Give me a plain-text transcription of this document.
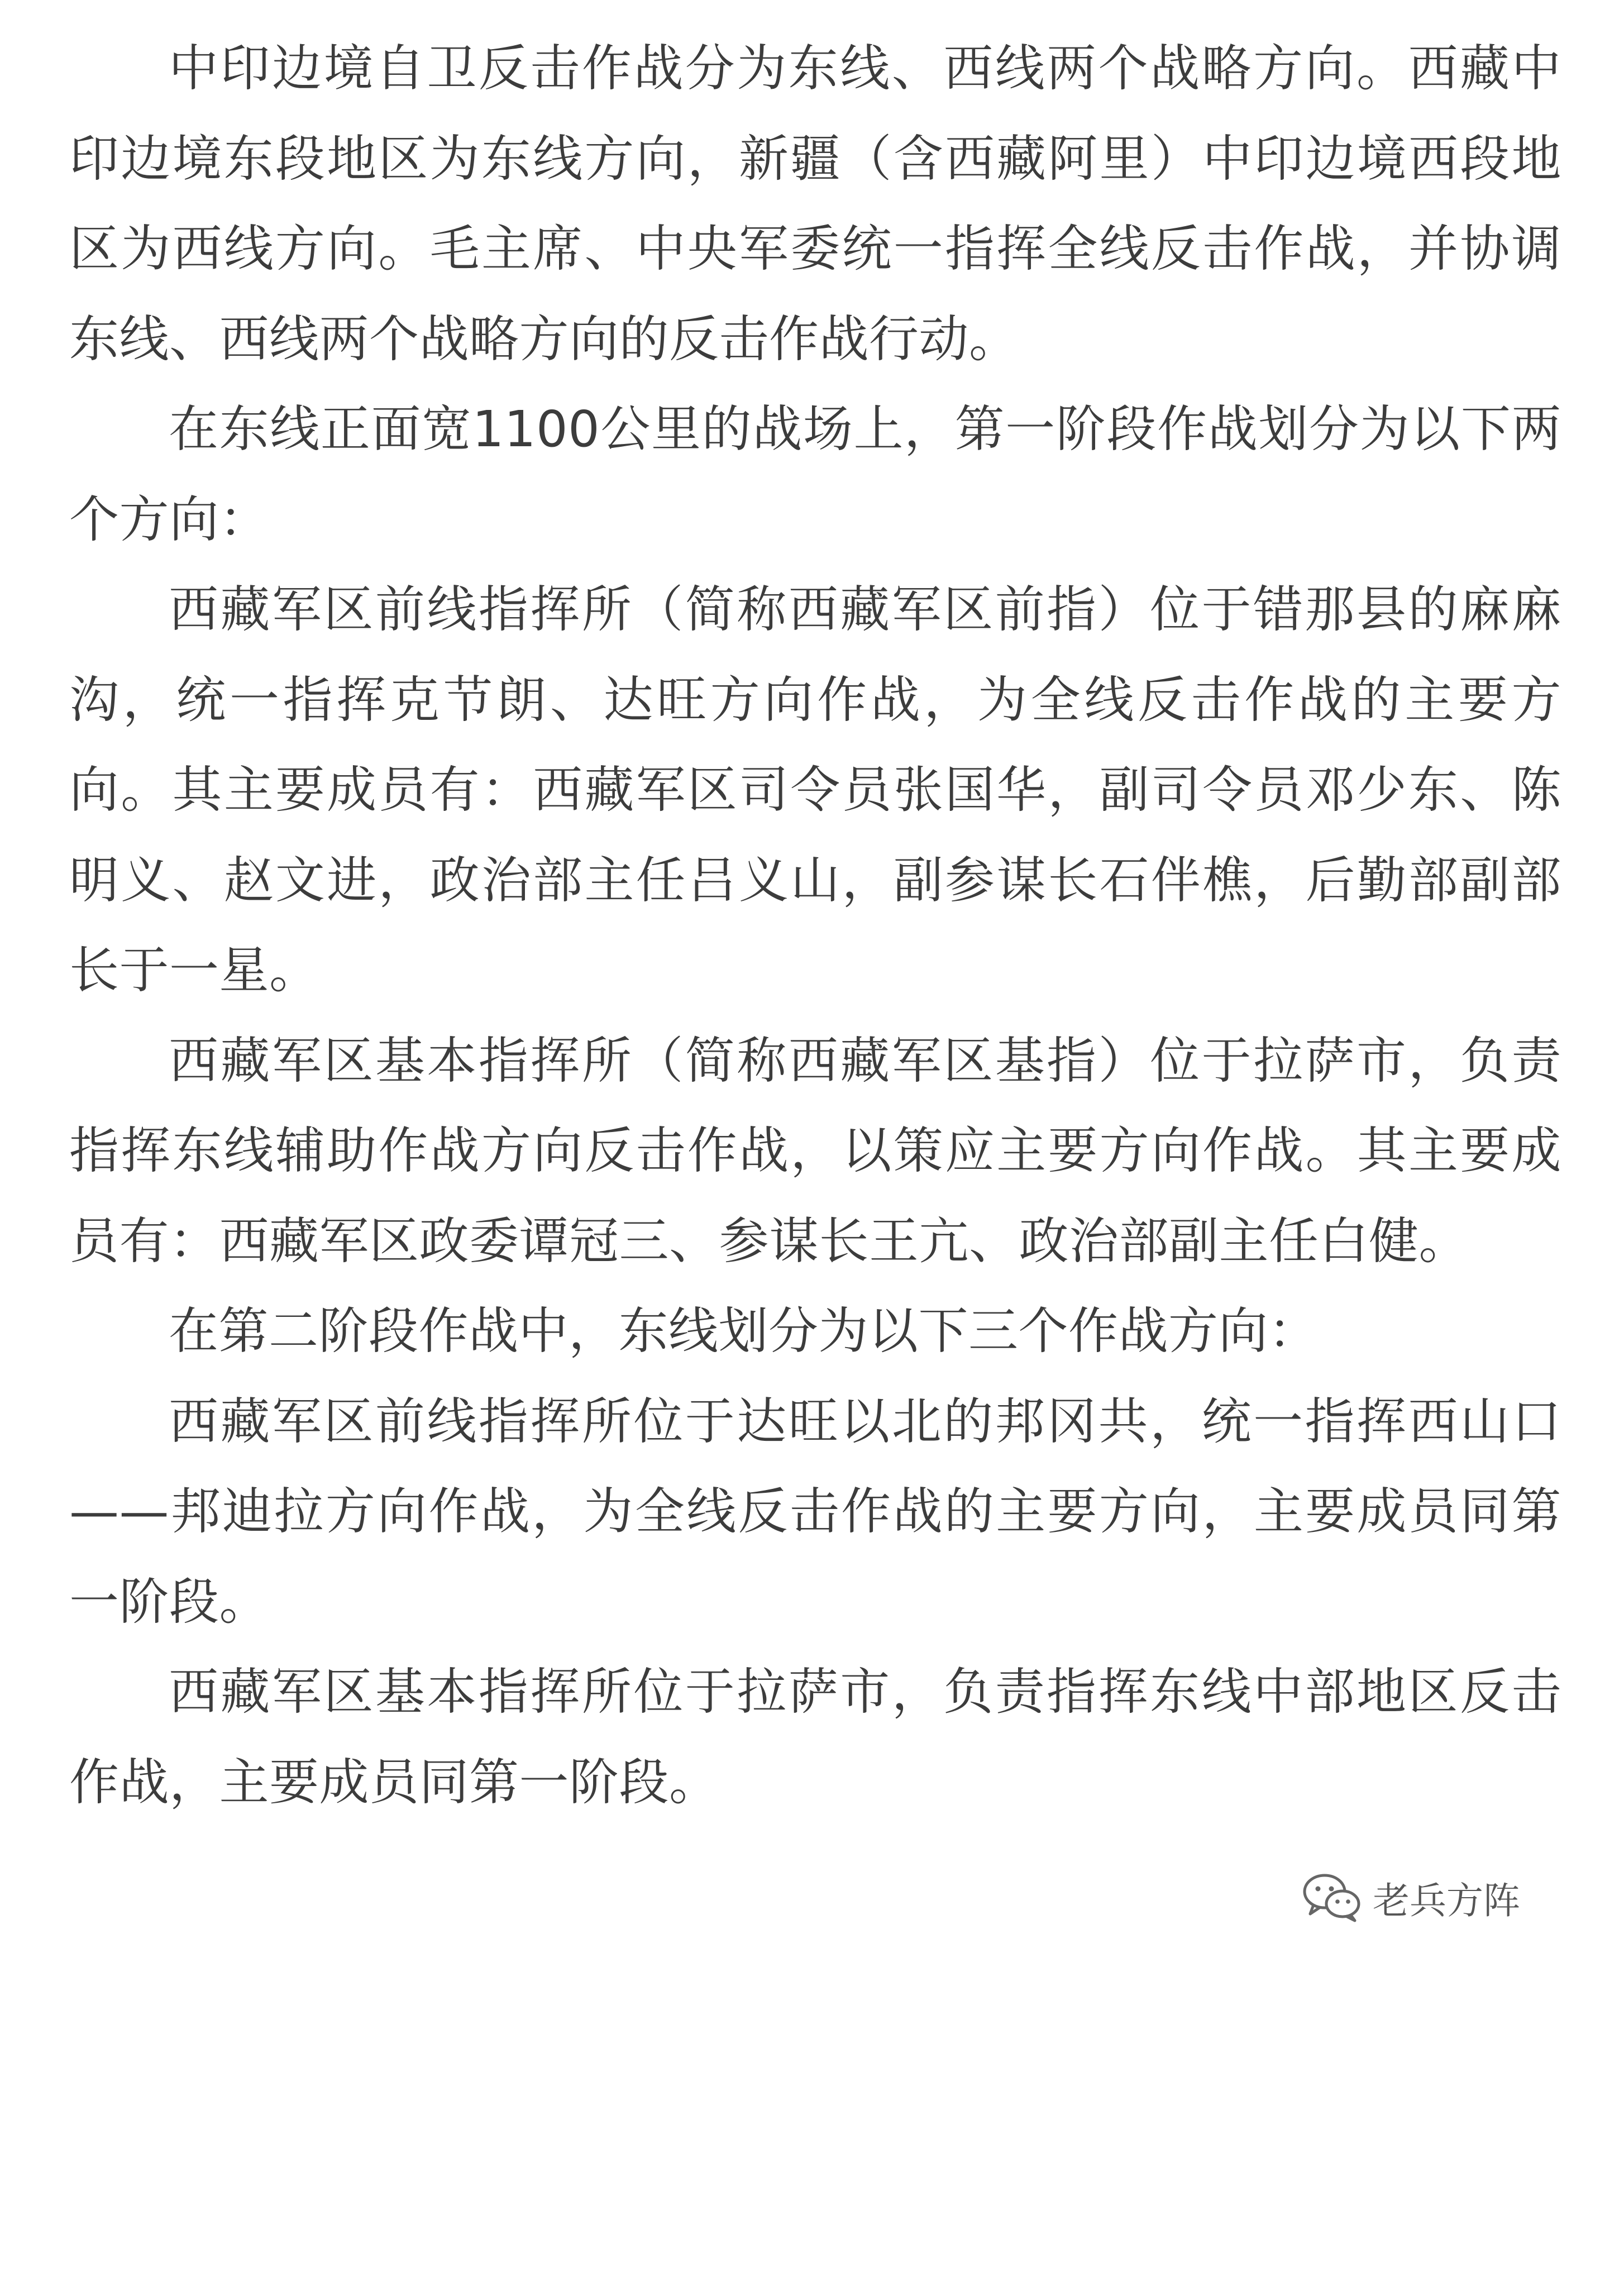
中印边境自卫反击作战分为东线、西线两个战略方向。西藏中印边境东段地区为东线方向，新疆（含西藏阿里）中印边境西段地区为西线方向。毛主席、中央军委统一指挥全线反击作战，并协调东线、西线两个战略方向的反击作战行动。

在东线正面宽1100公里的战场上，第一阶段作战划分为以下两个方向：

西藏军区前线指挥所（简称西藏军区前指）位于错那县的麻麻沟，统一指挥克节朗、达旺方向作战，为全线反击作战的主要方向。其主要成员有：西藏军区司令员张国华，副司令员邓少东、陈明义、赵文进，政治部主任吕义山，副参谋长石伴樵，后勤部副部长于一星。

西藏军区基本指挥所（简称西藏军区基指）位于拉萨市，负责指挥东线辅助作战方向反击作战，以策应主要方向作战。其主要成员有：西藏军区政委谭冠三、参谋长王亢、政治部副主任白健。

在第二阶段作战中，东线划分为以下三个作战方向：

西藏军区前线指挥所位于达旺以北的邦冈共，统一指挥西山口——邦迪拉方向作战，为全线反击作战的主要方向，主要成员同第一阶段。

西藏军区基本指挥所位于拉萨市，负责指挥东线中部地区反击作战，主要成员同第一阶段。

老兵方阵
